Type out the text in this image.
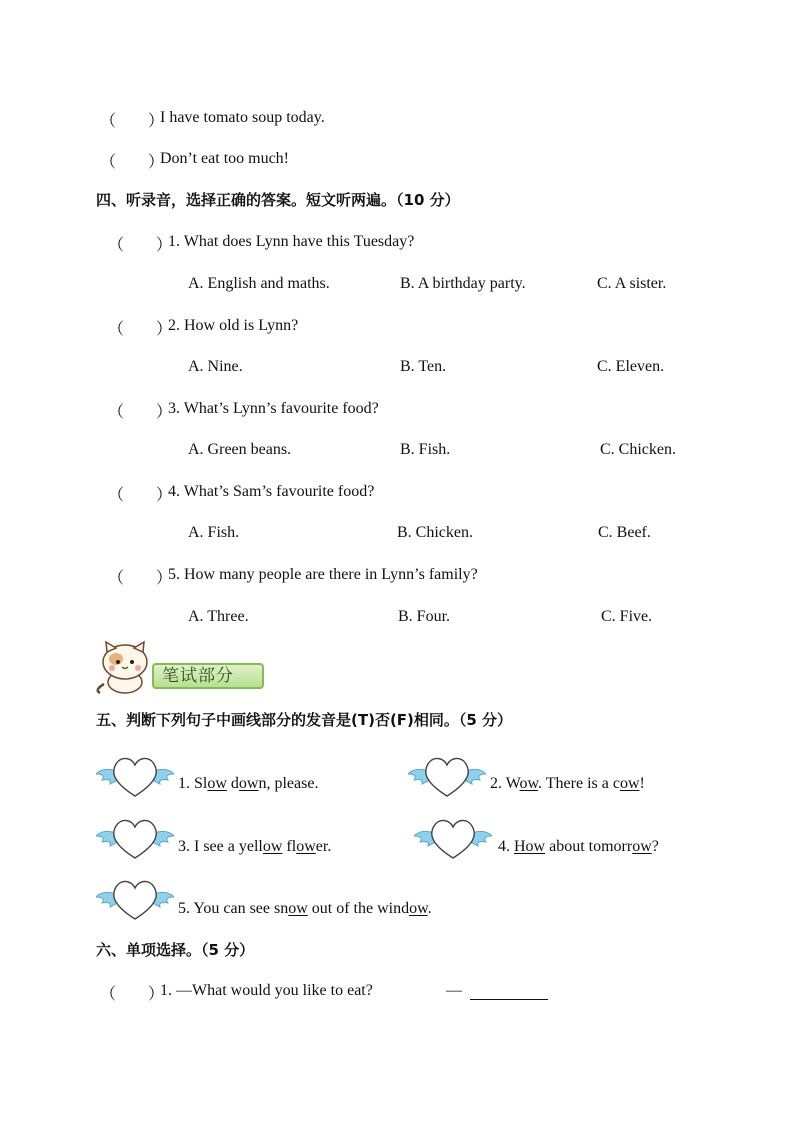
（　　）
I have tomato soup today.
（　　）
Don’t eat too much!
四、听录音，选择正确的答案。短文听两遍。（10 分）
（　　）
1. What does Lynn have this Tuesday?
A. English and maths.	B. A birthday party.	C. A sister.
（　　）
2. How old is Lynn?
A. Nine.	B. Ten.	C. Eleven.
（　　）
3. What’s Lynn’s favourite food?
A. Green beans.	B. Fish.	C. Chicken.
（　　）
4. What’s Sam’s favourite food?
A. Fish.	B. Chicken.	C. Beef.
（　　）
5. How many people are there in Lynn’s family?
A. Three.	B. Four.	C. Five.
笔试部分
五、判断下列句子中画线部分的发音是(T)否(F)相同。（5 分）
1. Slow down, please.	2. Wow. There is a cow!
3. I see a yellow flower.	4. How about tomorrow?
5. You can see snow out of the window.
六、单项选择。（5 分）
（　　）
1. —What would you like to eat?	—
